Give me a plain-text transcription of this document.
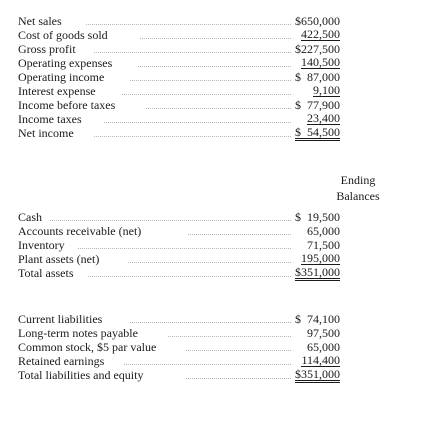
Net sales	$650,000
Cost of goods sold	422,500
Gross profit	$227,500
Operating expenses	140,500
Operating income	$  87,000
Interest expense	9,100
Income before taxes	$  77,900
Income taxes	23,400
Net income	$  54,500
Ending
Balances
Cash	$  19,500
Accounts receivable (net)	65,000
Inventory	71,500
Plant assets (net)	195,000
Total assets	$351,000
Current liabilities	$  74,100
Long-term notes payable	97,500
Common stock, $5 par value	65,000
Retained earnings	114,400
Total liabilities and equity	$351,000
